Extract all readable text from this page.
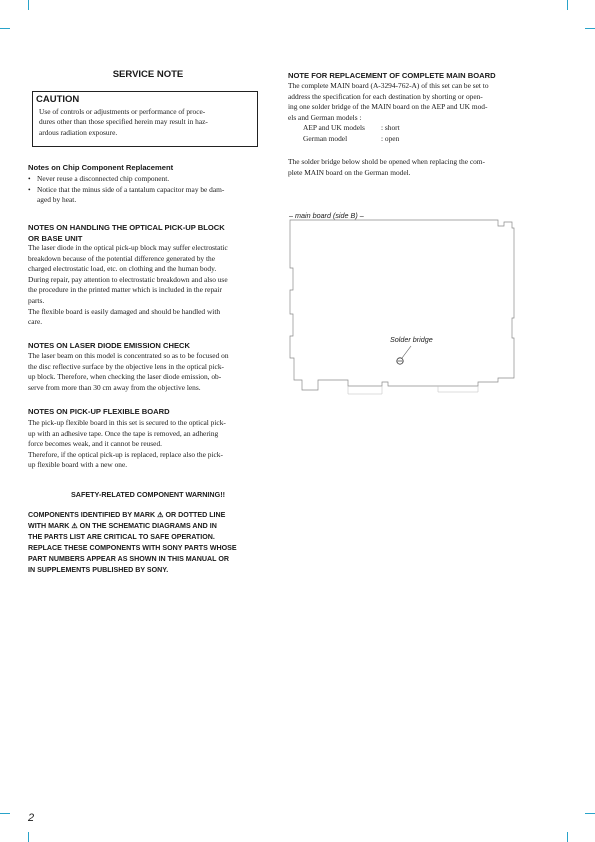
SERVICE NOTE
CAUTION
Use of controls or adjustments or performance of proce-
dures other than those specified herein may result in haz-
ardous radiation exposure.
Notes on Chip Component Replacement
• Never reuse a disconnected chip component.
• Notice that the minus side of a tantalum capacitor may be dam-
aged by heat.
NOTES ON HANDLING THE OPTICAL PICK-UP BLOCK
OR BASE UNIT
The laser diode in the optical pick-up block may suffer electrostatic
breakdown because of the potential difference generated by the
charged electrostatic load, etc. on clothing and the human body.
During repair, pay attention to electrostatic breakdown and also use
the procedure in the printed matter which is included in the repair
parts.
The flexible board is easily damaged and should be handled with
care.
NOTES ON LASER DIODE EMISSION CHECK
The laser beam on this model is concentrated so as to be focused on
the disc reflective surface by the objective lens in the optical pick-
up block. Therefore, when checking the laser diode emission, ob-
serve from more than 30 cm away from the objective lens.
NOTES ON PICK-UP FLEXIBLE BOARD
The pick-up flexible board in this set is secured to the optical pick-
up with an adhesive tape. Once the tape is removed, an adhering
force becomes weak, and it cannot be reused.
Therefore, if the optical pick-up is replaced, replace also the pick-
up flexible board with a new one.
SAFETY-RELATED COMPONENT WARNING!!
COMPONENTS IDENTIFIED BY MARK ⚠ OR DOTTED LINE
WITH MARK ⚠ ON THE SCHEMATIC DIAGRAMS AND IN
THE PARTS LIST ARE CRITICAL TO SAFE OPERATION.
REPLACE THESE COMPONENTS WITH SONY PARTS WHOSE
PART NUMBERS APPEAR AS SHOWN IN THIS MANUAL OR
IN SUPPLEMENTS PUBLISHED BY SONY.
NOTE FOR REPLACEMENT OF COMPLETE MAIN BOARD
The complete MAIN board (A-3294-762-A) of this set can be set to
address the specification for each destination by shorting or open-
ing one solder bridge of the MAIN board on the AEP and UK mod-
els and German models :
AEP and UK models	: short
German model	: open
The solder bridge below shold be opened when replacing the com-
plete MAIN board on the German model.
– main board (side B) –
Solder bridge
2
